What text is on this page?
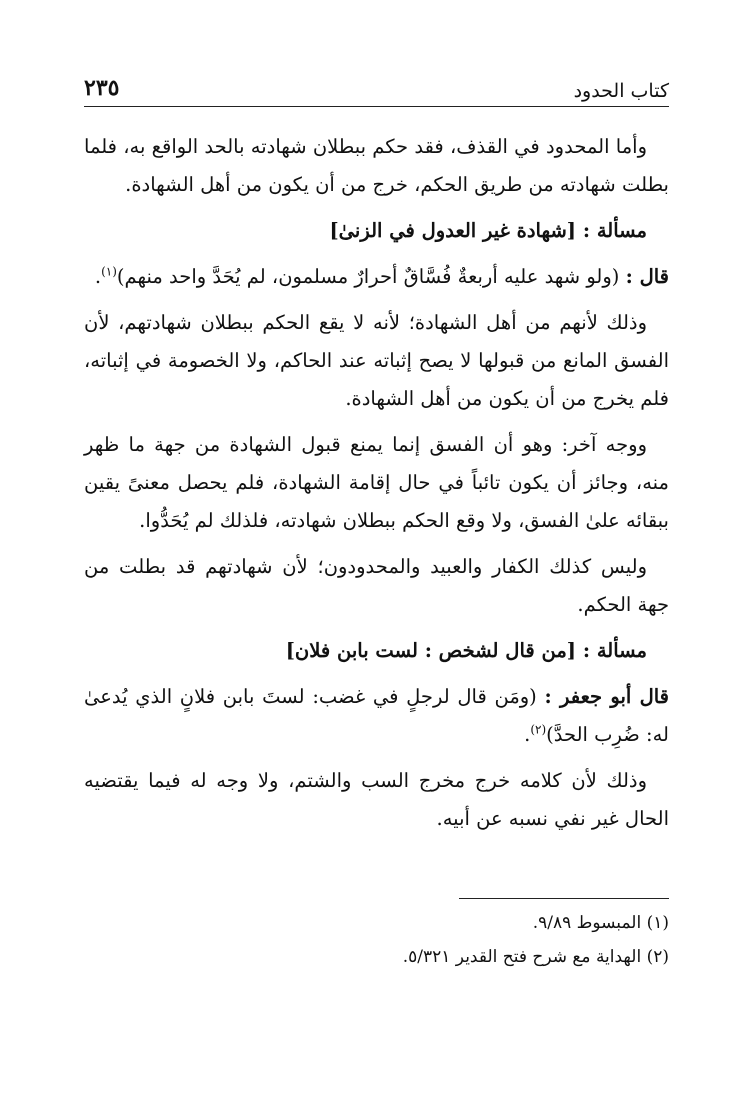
كتاب الحدود
٢٣٥

وأما المحدود في القذف، فقد حكم ببطلان شهادته بالحد الواقع به، فلما بطلت شهادته من طريق الحكم، خرج من أن يكون من أهل الشهادة.

مسألة : [شهادة غير العدول في الزنىٰ]

قال : (ولو شهد عليه أربعةٌ فُسَّاقٌ أحرارٌ مسلمون، لم يُحَدَّ واحد منهم)$^{(١)}$.

وذلك لأنهم من أهل الشهادة؛ لأنه لا يقع الحكم ببطلان شهادتهم، لأن الفسق المانع من قبولها لا يصح إثباته عند الحاكم، ولا الخصومة في إثباته، فلم يخرج من أن يكون من أهل الشهادة.

ووجه آخر: وهو أن الفسق إنما يمنع قبول الشهادة من جهة ما ظهر منه، وجائز أن يكون تائباً في حال إقامة الشهادة، فلم يحصل معنىً يقين ببقائه علىٰ الفسق، ولا وقع الحكم ببطلان شهادته، فلذلك لم يُحَدُّوا.

وليس كذلك الكفار والعبيد والمحدودون؛ لأن شهادتهم قد بطلت من جهة الحكم.

مسألة : [من قال لشخص : لست بابن فلان]

قال أبو جعفر : (ومَن قال لرجلٍ في غضب: لستَ بابن فلانٍ الذي يُدعىٰ له: ضُرِب الحدَّ)$^{(٢)}$.

وذلك لأن كلامه خرج مخرج السب والشتم، ولا وجه له فيما يقتضيه الحال غير نفي نسبه عن أبيه.

(١) المبسوط ٩/٨٩.
(٢) الهداية مع شرح فتح القدير ٥/٣٢١.
